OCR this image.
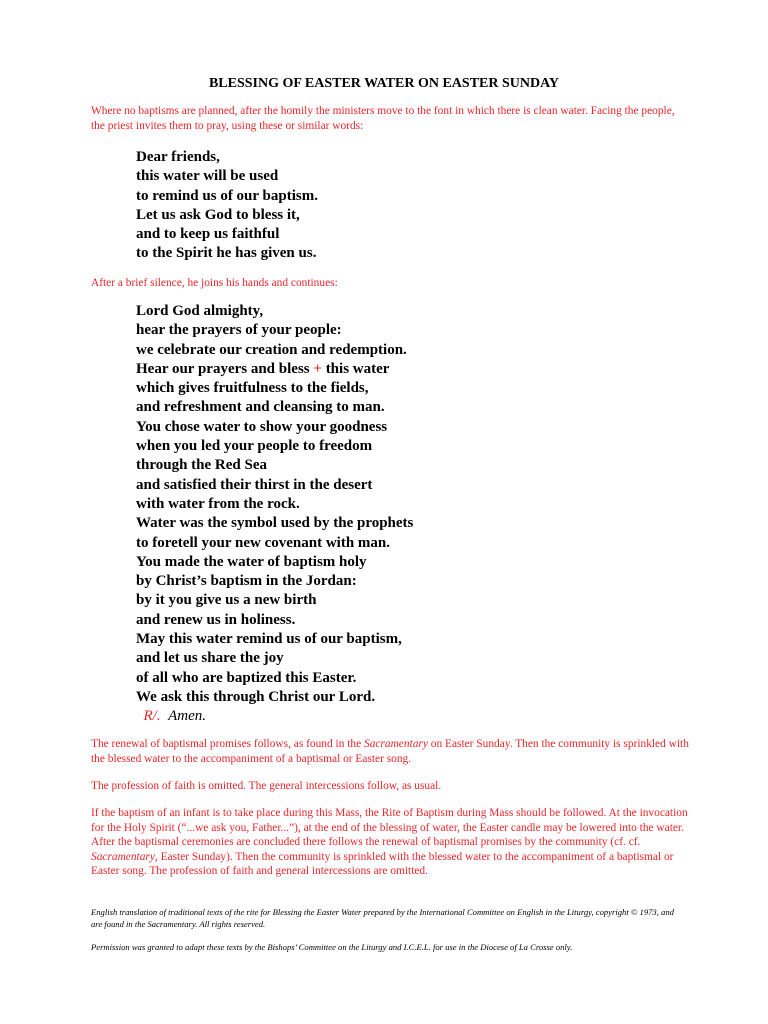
BLESSING OF EASTER WATER ON EASTER SUNDAY
Where no baptisms are planned, after the homily the ministers move to the font in which there is clean water. Facing the people, the priest invites them to pray, using these or similar words:
Dear friends,
this water will be used
to remind us of our baptism.
Let us ask God to bless it,
and to keep us faithful
to the Spirit he has given us.
After a brief silence, he joins his hands and continues:
Lord God almighty,
hear the prayers of your people:
we celebrate our creation and redemption.
Hear our prayers and bless + this water
which gives fruitfulness to the fields,
and refreshment and cleansing to man.
You chose water to show your goodness
when you led your people to freedom
through the Red Sea
and satisfied their thirst in the desert
with water from the rock.
Water was the symbol used by the prophets
to foretell your new covenant with man.
You made the water of baptism holy
by Christ’s baptism in the Jordan:
by it you give us a new birth
and renew us in holiness.
May this water remind us of our baptism,
and let us share the joy
of all who are baptized this Easter.
We ask this through Christ our Lord.
R/. Amen.
The renewal of baptismal promises follows, as found in the Sacramentary on Easter Sunday. Then the community is sprinkled with the blessed water to the accompaniment of a baptismal or Easter song.
The profession of faith is omitted. The general intercessions follow, as usual.
If the baptism of an infant is to take place during this Mass, the Rite of Baptism during Mass should be followed. At the invocation for the Holy Spirit (“...we ask you, Father...”), at the end of the blessing of water, the Easter candle may be lowered into the water. After the baptismal ceremonies are concluded there follows the renewal of baptismal promises by the community (cf. cf. Sacramentary, Easter Sunday). Then the community is sprinkled with the blessed water to the accompaniment of a baptismal or Easter song. The profession of faith and general intercessions are omitted.
English translation of traditional texts of the rite for Blessing the Easter Water prepared by the International Committee on English in the Liturgy, copyright © 1973, and are found in the Sacramentary. All rights reserved.
Permission was granted to adapt these texts by the Bishops’ Committee on the Liturgy and I.C.E.L. for use in the Diocese of La Crosse only.
